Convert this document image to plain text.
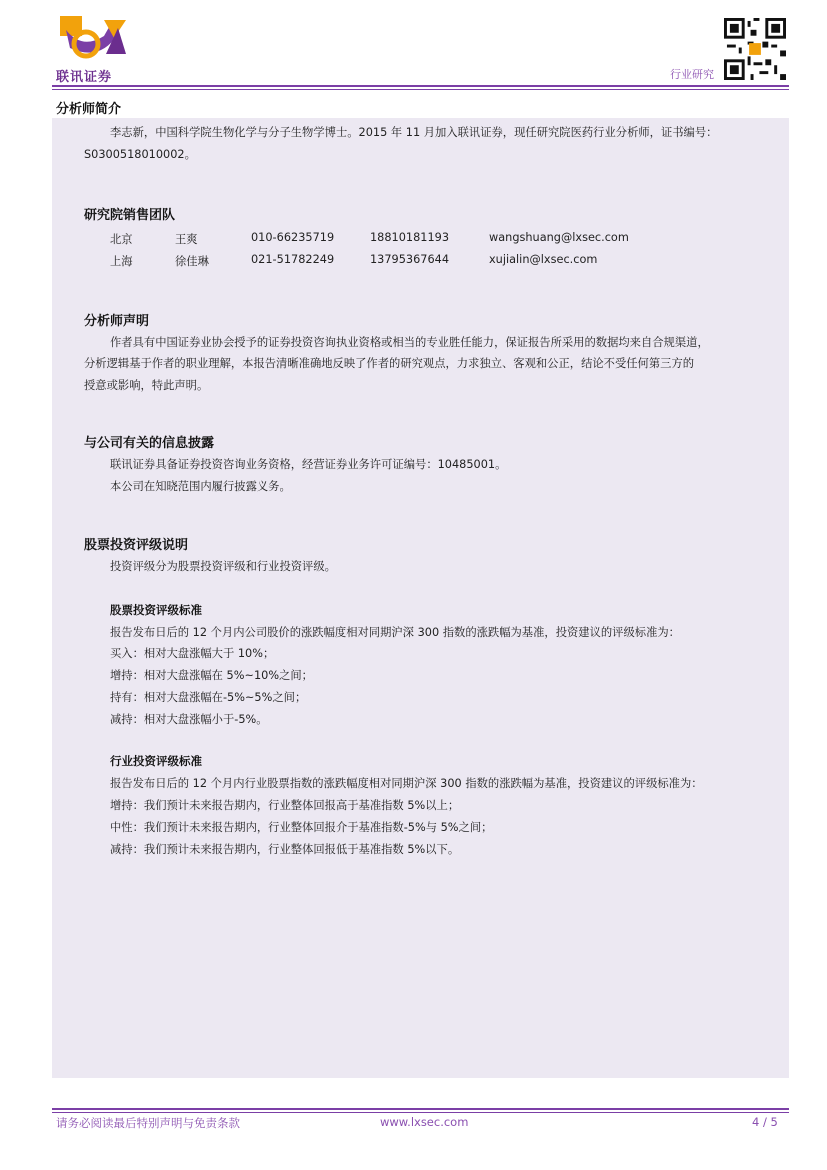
联讯证券	行业研究
分析师简介
李志新，中国科学院生物化学与分子生物学博士。2015 年 11 月加入联讯证券，现任研究院医药行业分析师，证书编号：
S0300518010002。
研究院销售团队
北京	王爽	010-66235719	18810181193	wangshuang@lxsec.com
上海	徐佳琳	021-51782249	13795367644	xujialin@lxsec.com
分析师声明
作者具有中国证券业协会授予的证券投资咨询执业资格或相当的专业胜任能力，保证报告所采用的数据均来自合规渠道，
分析逻辑基于作者的职业理解，本报告清晰准确地反映了作者的研究观点，力求独立、客观和公正，结论不受任何第三方的
授意或影响，特此声明。
与公司有关的信息披露
联讯证券具备证券投资咨询业务资格，经营证券业务许可证编号：10485001。
本公司在知晓范围内履行披露义务。
股票投资评级说明
投资评级分为股票投资评级和行业投资评级。
股票投资评级标准
报告发布日后的 12 个月内公司股价的涨跌幅度相对同期沪深 300 指数的涨跌幅为基准，投资建议的评级标准为：
买入：相对大盘涨幅大于 10%；
增持：相对大盘涨幅在 5%~10%之间；
持有：相对大盘涨幅在-5%~5%之间；
减持：相对大盘涨幅小于-5%。
行业投资评级标准
报告发布日后的 12 个月内行业股票指数的涨跌幅度相对同期沪深 300 指数的涨跌幅为基准，投资建议的评级标准为：
增持：我们预计未来报告期内，行业整体回报高于基准指数 5%以上；
中性：我们预计未来报告期内，行业整体回报介于基准指数-5%与 5%之间；
减持：我们预计未来报告期内，行业整体回报低于基准指数 5%以下。
请务必阅读最后特别声明与免责条款	www.lxsec.com	4 / 5
